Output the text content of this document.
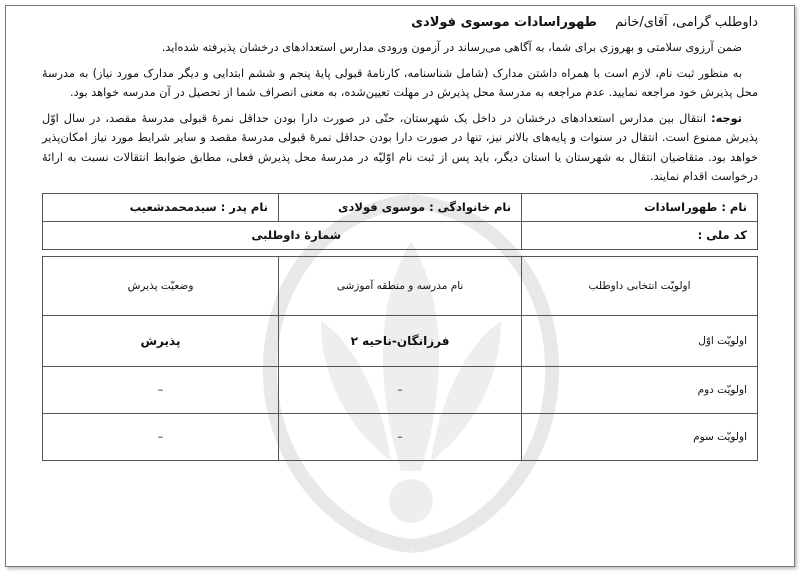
داوطلب گرامی، آقای/خانم طهوراسادات موسوی فولادی

ضمن آرزوی سلامتی و بهروزی برای شما، به آگاهی می‌رساند در آزمون ورودی مدارس استعدادهای درخشان پذیرفته شده‌اید.

به منظور ثبت نام، لازم است با همراه داشتن مدارک (شامل شناسنامه، کارنامهٔ قبولی پایهٔ پنجم و ششم ابتدایی و دیگر مدارک مورد نیاز) به مدرسهٔ محل پذیرش خود مراجعه نمایید. عدم مراجعه به مدرسهٔ محل پذیرش در مهلت تعیین‌شده، به معنی انصراف شما از تحصیل در آن مدرسه خواهد بود.

توجه: انتقال بین مدارس استعدادهای درخشان در داخل یک شهرستان، حتّی در صورت دارا بودن حداقل نمرهٔ قبولی مدرسهٔ مقصد، در سال اوّل پذیرش ممنوع است. انتقال در سنوات و پایه‌های بالاتر نیز، تنها در صورت دارا بودن حداقل نمرهٔ قبولی مدرسهٔ مقصد و سایر شرایط مورد نیاز امکان‌پذیر خواهد بود. متقاضیان انتقال به شهرستان یا استان دیگر، باید پس از ثبت نام اوّلیّه در مدرسهٔ محل پذیرش فعلی، مطابق ضوابط انتقالات نسبت به ارائهٔ درخواست اقدام نمایند.

نام : طهوراسادات	نام خانوادگی : موسوی فولادی	نام پدر : سیدمحمدشعیب
کد ملی :	شمارهٔ داوطلبی	
اولویّت انتخابی داوطلب	نام مدرسه و منطقه آموزشی	وضعیّت پذیرش
اولویّت اوّل	فرزانگان-ناحیه ۲	پذیرش
اولویّت دوم	–	–
اولویّت سوم	–	–
